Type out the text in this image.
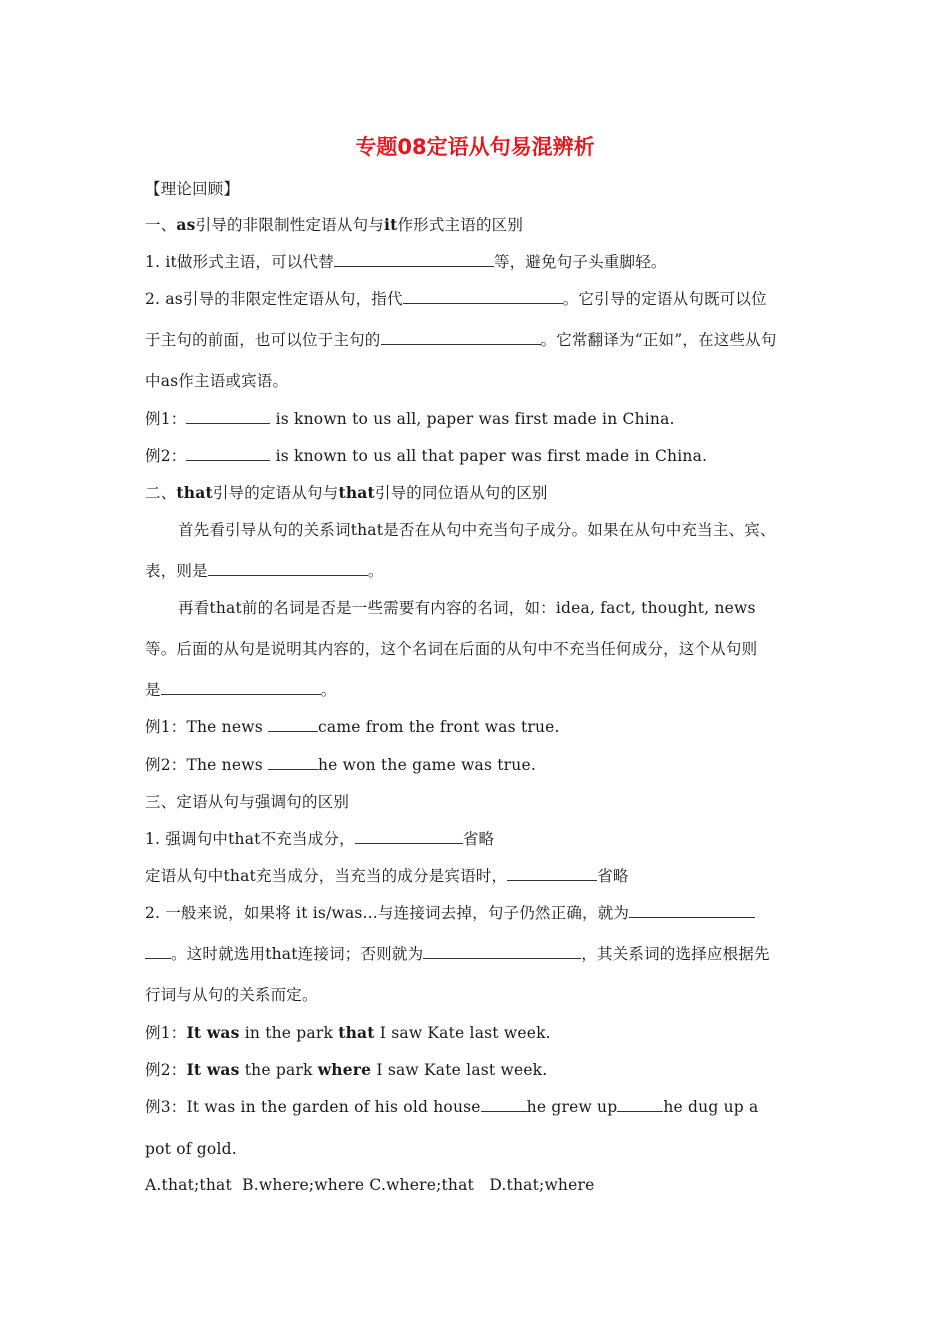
专题08定语从句易混辨析
【理论回顾】
一、as引导的非限制性定语从句与it作形式主语的区别
1. it做形式主语，可以代替	等，避免句子头重脚轻。
2. as引导的非限定性定语从句，指代	。它引导的定语从句既可以位
于主句的前面，也可以位于主句的	。它常翻译为“正如”，在这些从句
中as作主语或宾语。
例1：	is known to us all, paper was first made in China.
例2：	is known to us all that paper was first made in China.
二、that引导的定语从句与that引导的同位语从句的区别
首先看引导从句的关系词that是否在从句中充当句子成分。如果在从句中充当主、宾、
表，则是	。
再看that前的名词是否是一些需要有内容的名词，如：idea, fact, thought, news
等。后面的从句是说明其内容的，这个名词在后面的从句中不充当任何成分，这个从句则
是	。
例1：The news	came from the front was true.
例2：The news	he won the game was true.
三、定语从句与强调句的区别
1. 强调句中that不充当成分，	省略
定语从句中that充当成分，当充当的成分是宾语时，	省略
2. 一般来说，如果将 it is/was...与连接词去掉，句子仍然正确，就为
。这时就选用that连接词；否则就为	，其关系词的选择应根据先
行词与从句的关系而定。
例1：It was in the park that I saw Kate last week.
例2：It was the park where I saw Kate last week.
例3：It was in the garden of his old house	he grew up	he dug up a
pot of gold.
A.that;that  B.where;where C.where;that   D.that;where
